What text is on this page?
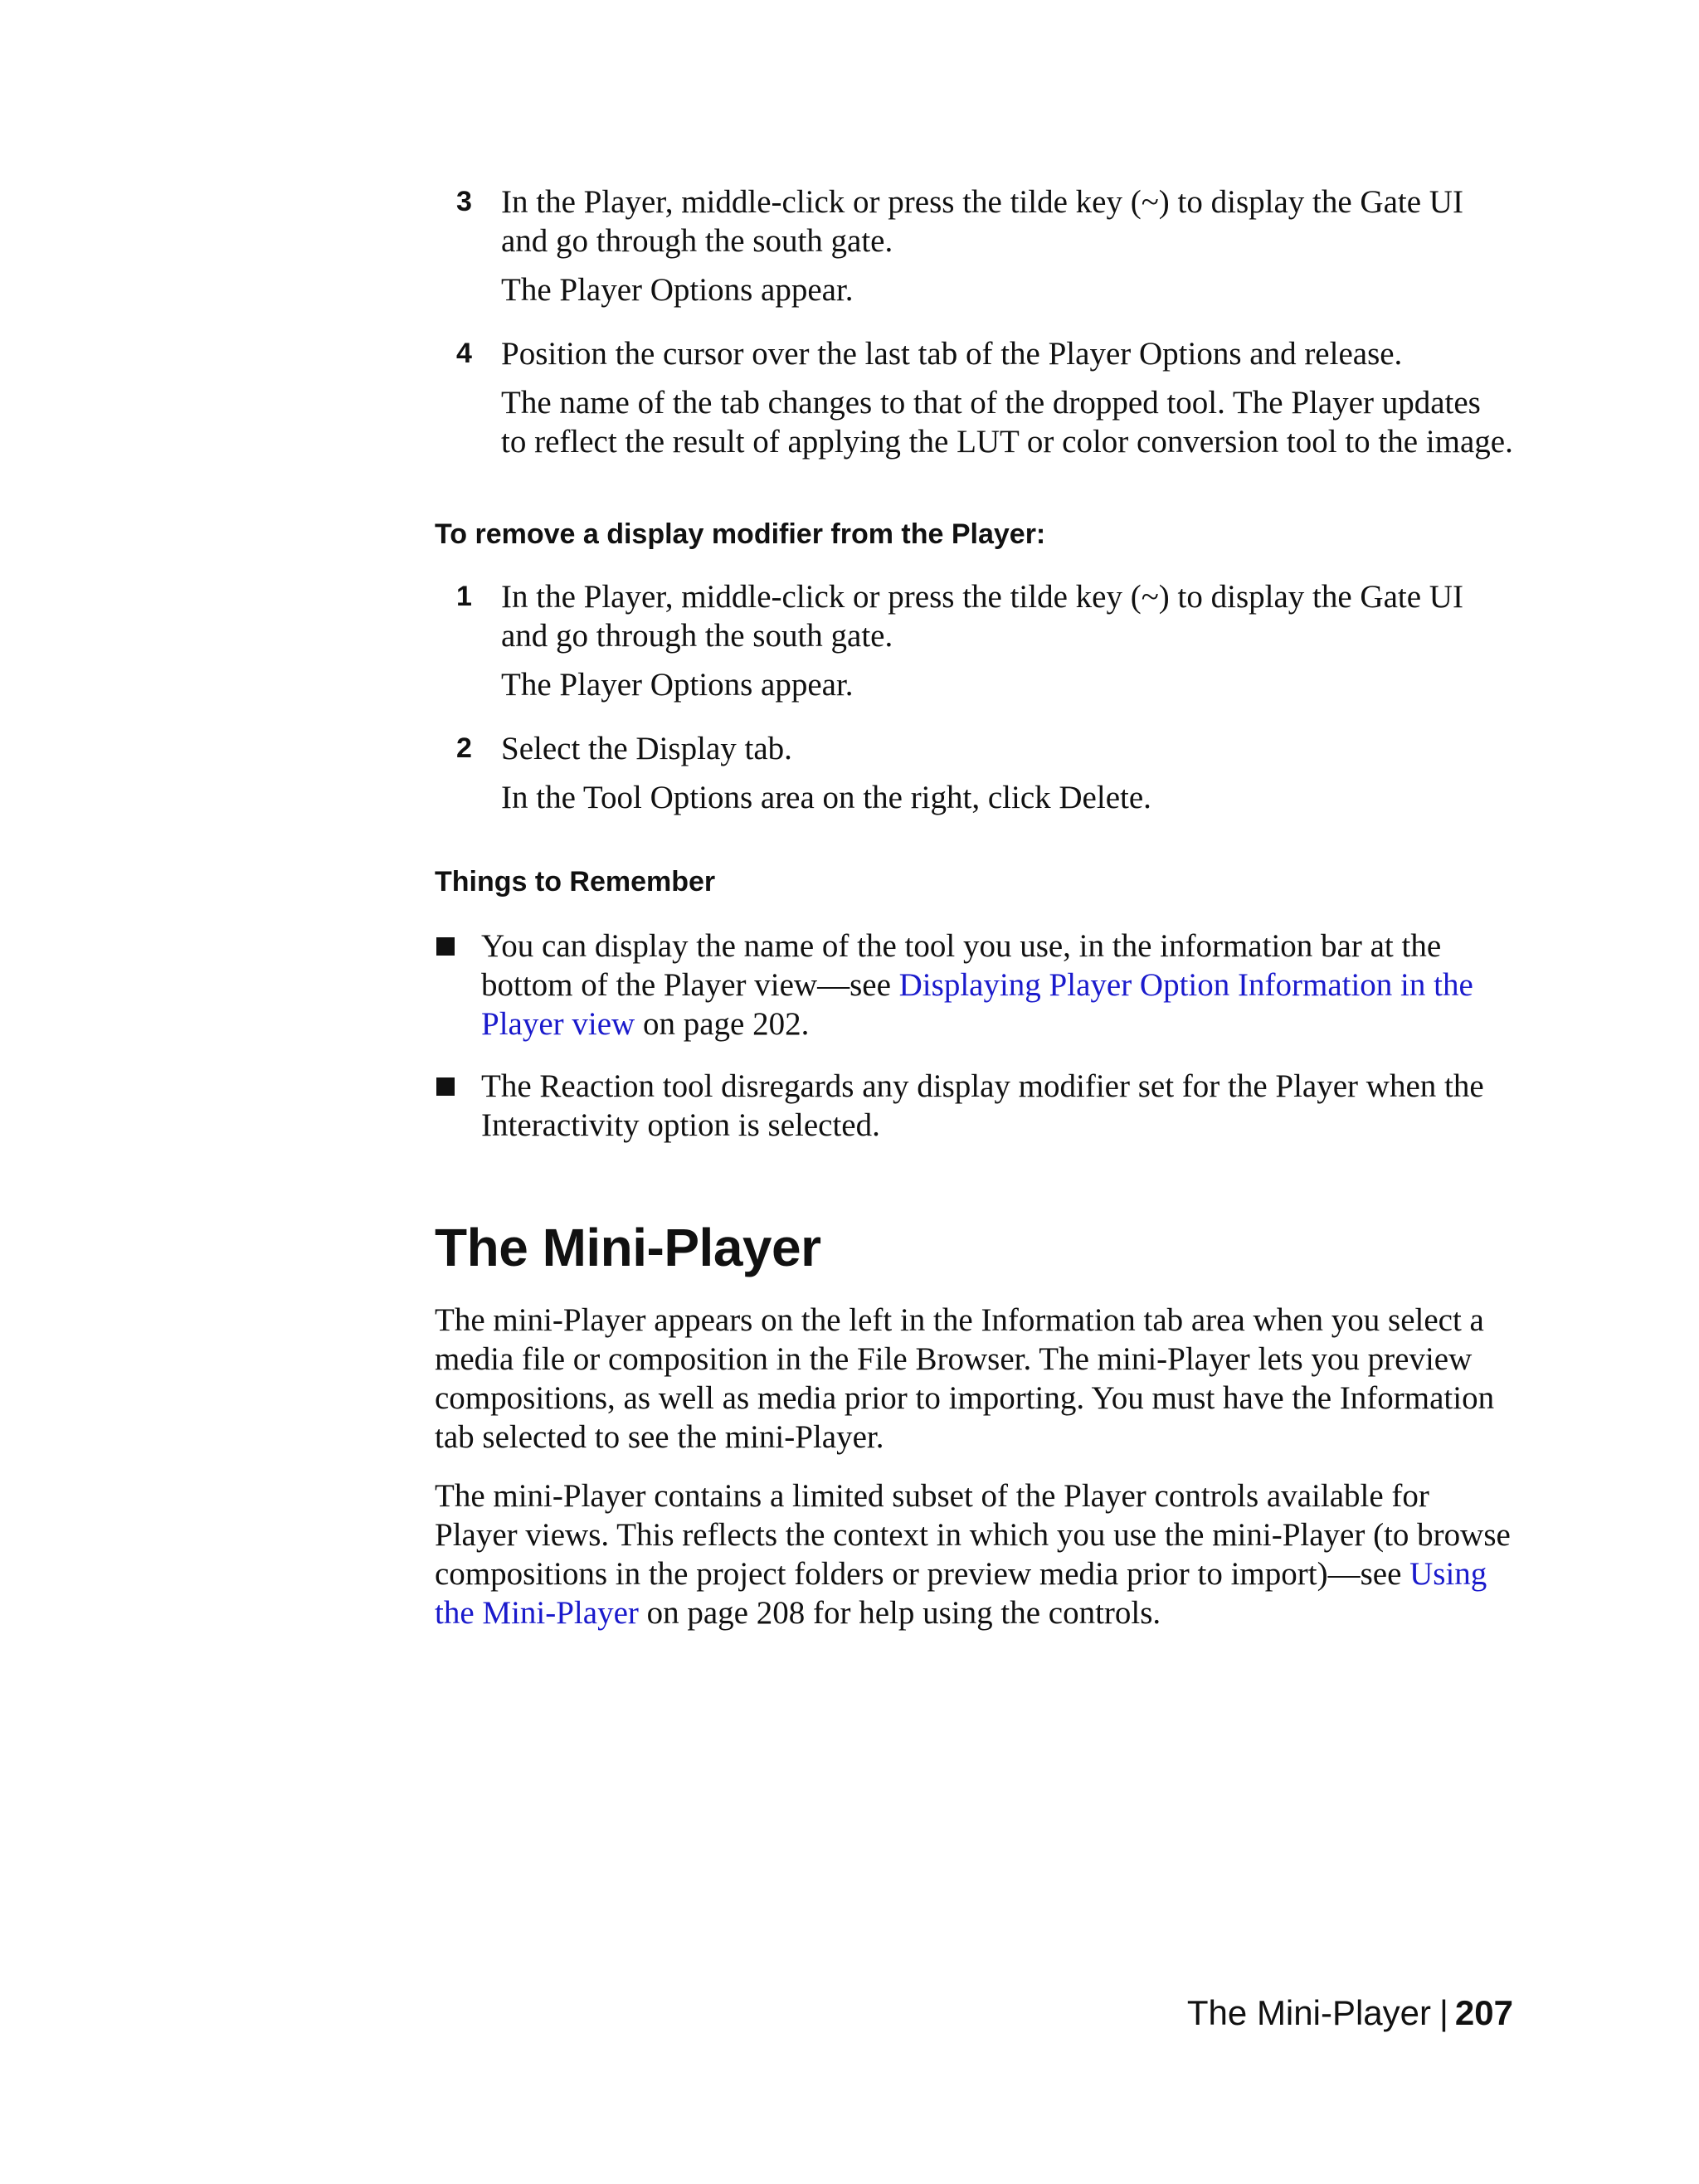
3 In the Player, middle-click or press the tilde key (~) to display the Gate UI and go through the south gate.
The Player Options appear.
4 Position the cursor over the last tab of the Player Options and release.
The name of the tab changes to that of the dropped tool. The Player updates to reflect the result of applying the LUT or color conversion tool to the image.
To remove a display modifier from the Player:
1 In the Player, middle-click or press the tilde key (~) to display the Gate UI and go through the south gate.
The Player Options appear.
2 Select the Display tab.
In the Tool Options area on the right, click Delete.
Things to Remember
You can display the name of the tool you use, in the information bar at the bottom of the Player view—see Displaying Player Option Information in the Player view on page 202.
The Reaction tool disregards any display modifier set for the Player when the Interactivity option is selected.
The Mini-Player
The mini-Player appears on the left in the Information tab area when you select a media file or composition in the File Browser. The mini-Player lets you preview compositions, as well as media prior to importing. You must have the Information tab selected to see the mini-Player.
The mini-Player contains a limited subset of the Player controls available for Player views. This reflects the context in which you use the mini-Player (to browse compositions in the project folders or preview media prior to import)—see Using the Mini-Player on page 208 for help using the controls.
The Mini-Player | 207
